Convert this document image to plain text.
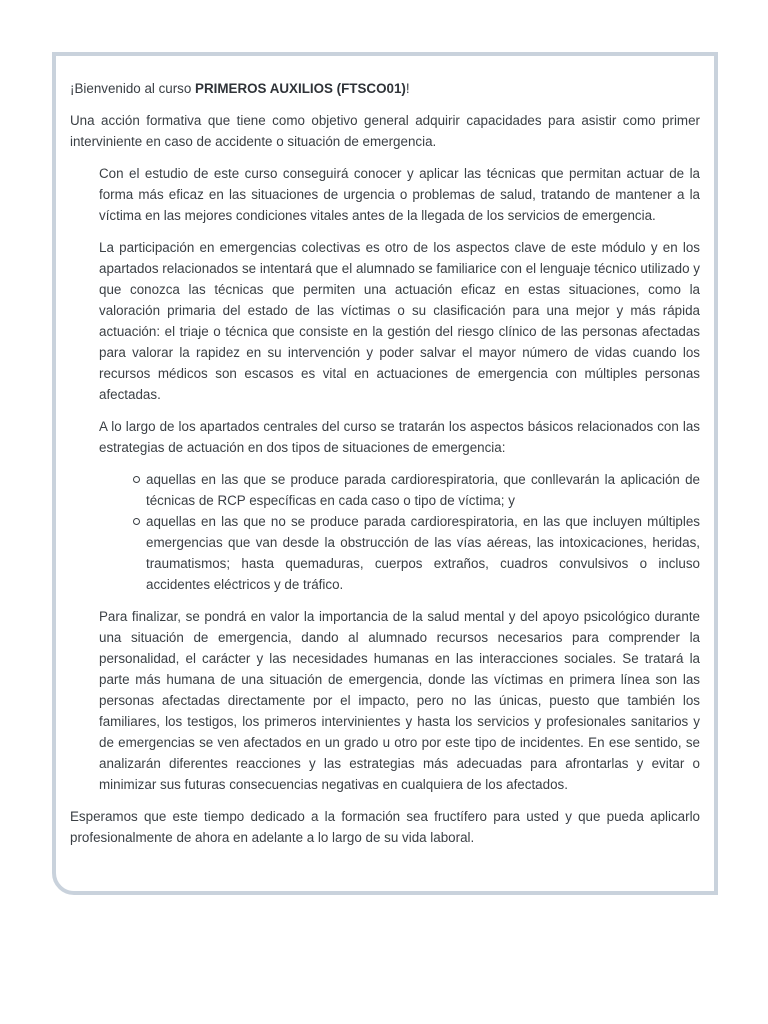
¡Bienvenido al curso PRIMEROS AUXILIOS (FTSCO01)!

Una acción formativa que tiene como objetivo general adquirir capacidades para asistir como primer interviniente en caso de accidente o situación de emergencia.

Con el estudio de este curso conseguirá conocer y aplicar las técnicas que permitan actuar de la forma más eficaz en las situaciones de urgencia o problemas de salud, tratando de mantener a la víctima en las mejores condiciones vitales antes de la llegada de los servicios de emergencia.

La participación en emergencias colectivas es otro de los aspectos clave de este módulo y en los apartados relacionados se intentará que el alumnado se familiarice con el lenguaje técnico utilizado y que conozca las técnicas que permiten una actuación eficaz en estas situaciones, como la valoración primaria del estado de las víctimas o su clasificación para una mejor y más rápida actuación: el triaje o técnica que consiste en la gestión del riesgo clínico de las personas afectadas para valorar la rapidez en su intervención y poder salvar el mayor número de vidas cuando los recursos médicos son escasos es vital en actuaciones de emergencia con múltiples personas afectadas.

A lo largo de los apartados centrales del curso se tratarán los aspectos básicos relacionados con las estrategias de actuación en dos tipos de situaciones de emergencia:

aquellas en las que se produce parada cardiorespiratoria, que conllevarán la aplicación de técnicas de RCP específicas en cada caso o tipo de víctima; y
aquellas en las que no se produce parada cardiorespiratoria, en las que incluyen múltiples emergencias que van desde la obstrucción de las vías aéreas, las intoxicaciones, heridas, traumatismos; hasta quemaduras, cuerpos extraños, cuadros convulsivos o incluso accidentes eléctricos y de tráfico.

Para finalizar, se pondrá en valor la importancia de la salud mental y del apoyo psicológico durante una situación de emergencia, dando al alumnado recursos necesarios para comprender la personalidad, el carácter y las necesidades humanas en las interacciones sociales. Se tratará la parte más humana de una situación de emergencia, donde las víctimas en primera línea son las personas afectadas directamente por el impacto, pero no las únicas, puesto que también los familiares, los testigos, los primeros intervinientes y hasta los servicios y profesionales sanitarios y de emergencias se ven afectados en un grado u otro por este tipo de incidentes. En ese sentido, se analizarán diferentes reacciones y las estrategias más adecuadas para afrontarlas y evitar o minimizar sus futuras consecuencias negativas en cualquiera de los afectados.

Esperamos que este tiempo dedicado a la formación sea fructífero para usted y que pueda aplicarlo profesionalmente de ahora en adelante a lo largo de su vida laboral.
